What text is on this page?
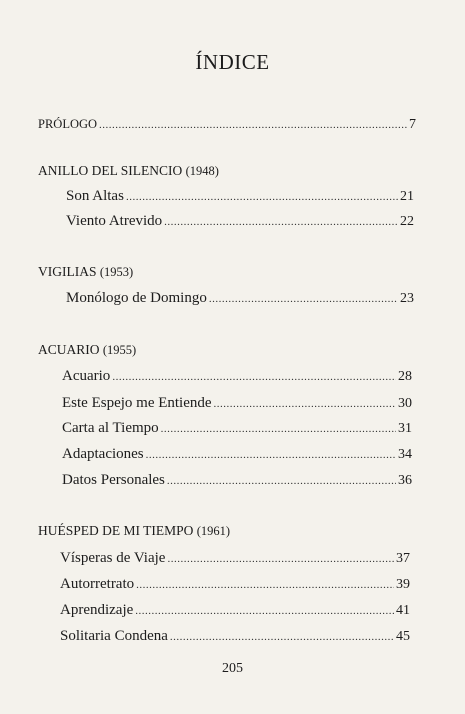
ÍNDICE
PRÓLOGO .....	7
ANILLO DEL SILENCIO (1948)
Son Altas .....	21
Viento Atrevido .....	22
VIGILIAS (1953)
Monólogo de Domingo .....	23
ACUARIO (1955)
Acuario .....	28
Este Espejo me Entiende .....	30
Carta al Tiempo .....	31
Adaptaciones .....	34
Datos Personales .....	36
HUÉSPED DE MI TIEMPO (1961)
Vísperas de Viaje .....	37
Autorretrato .....	39
Aprendizaje .....	41
Solitaria Condena .....	45
205
